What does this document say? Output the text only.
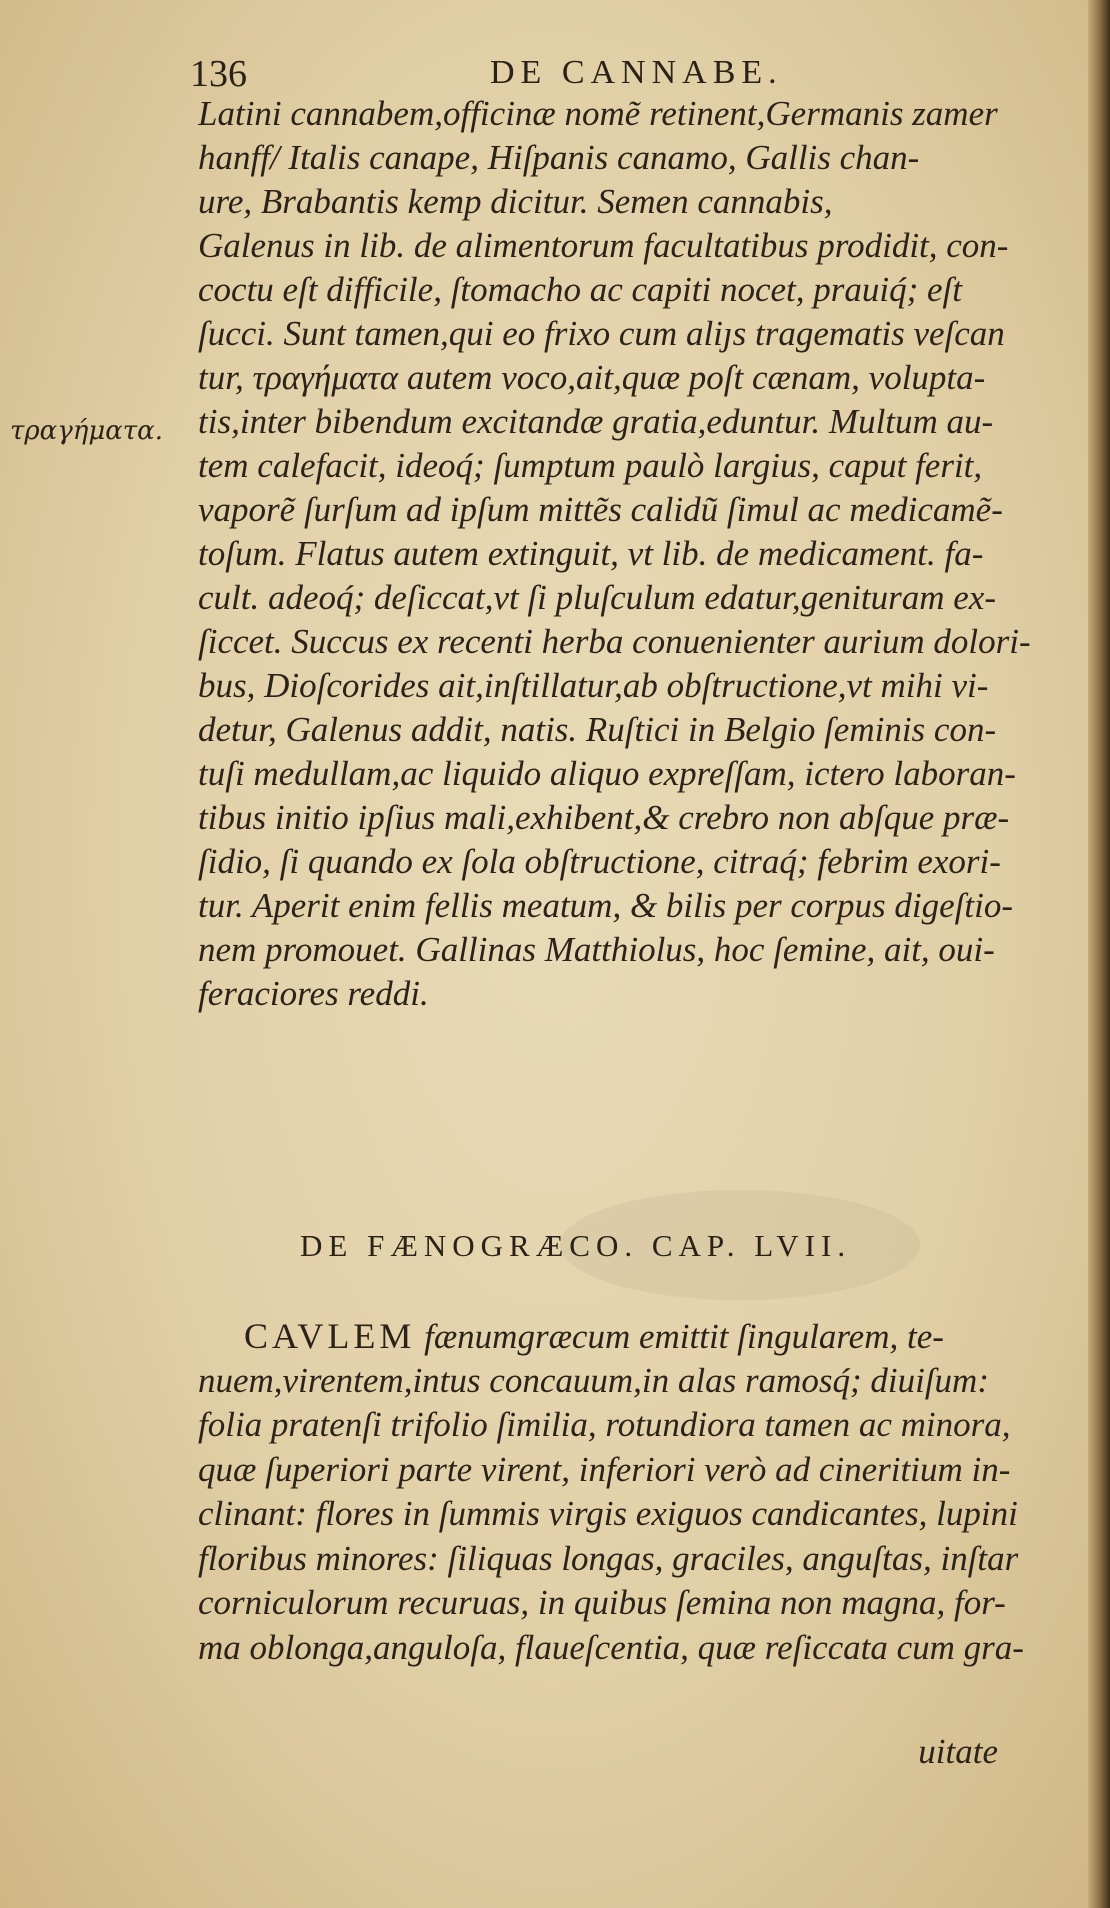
136	DE CANNABE.
τραγήματα.
Latini cannabem,officinæ nomẽ retinent,Germanis zamer
hanff/ Italis canape, Hiſpanis canamo, Gallis chan-
ure, Brabantis kemp dicitur. Semen cannabis,
Galenus in lib. de alimentorum facultatibus prodidit, con-
coctu eſt difficile, ſtomacho ac capiti nocet, prauiq́; eſt
ſucci. Sunt tamen,qui eo frixo cum aliȷs tragematis veſcan
tur, τραγήματα autem voco,ait,quæ poſt cænam, volupta-
tis,inter bibendum excitandæ gratia,eduntur. Multum au-
tem calefacit, ideoq́; ſumptum paulò largius, caput ferit,
vaporẽ ſurſum ad ipſum mittẽs calidũ ſimul ac medicamẽ-
toſum. Flatus autem extinguit, vt lib. de medicament. fa-
cult. adeoq́; deſiccat,vt ſi pluſculum edatur,genituram ex-
ſiccet. Succus ex recenti herba conuenienter aurium dolori-
bus, Dioſcorides ait,inſtillatur,ab obſtructione,vt mihi vi-
detur, Galenus addit, natis. Ruſtici in Belgio ſeminis con-
tuſi medullam,ac liquido aliquo expreſſam, ictero laboran-
tibus initio ipſius mali,exhibent,& crebro non abſque præ-
ſidio, ſi quando ex ſola obſtructione, citraq́; febrim exori-
tur. Aperit enim fellis meatum, & bilis per corpus digeſtio-
nem promouet. Gallinas Matthiolus, hoc ſemine, ait, oui-
feraciores reddi.
DE FÆNOGRÆCO. CAP. LVII.
CAVLEM fænumgræcum emittit ſingularem, te-
nuem,virentem,intus concauum,in alas ramosq́; diuiſum:
folia pratenſi trifolio ſimilia, rotundiora tamen ac minora,
quæ ſuperiori parte virent, inferiori verò ad cineritium in-
clinant: flores in ſummis virgis exiguos candicantes, lupini
floribus minores: ſiliquas longas, graciles, anguſtas, inſtar
corniculorum recuruas, in quibus ſemina non magna, for-
ma oblonga,anguloſa, flaueſcentia, quæ reſiccata cum gra-
uitate
